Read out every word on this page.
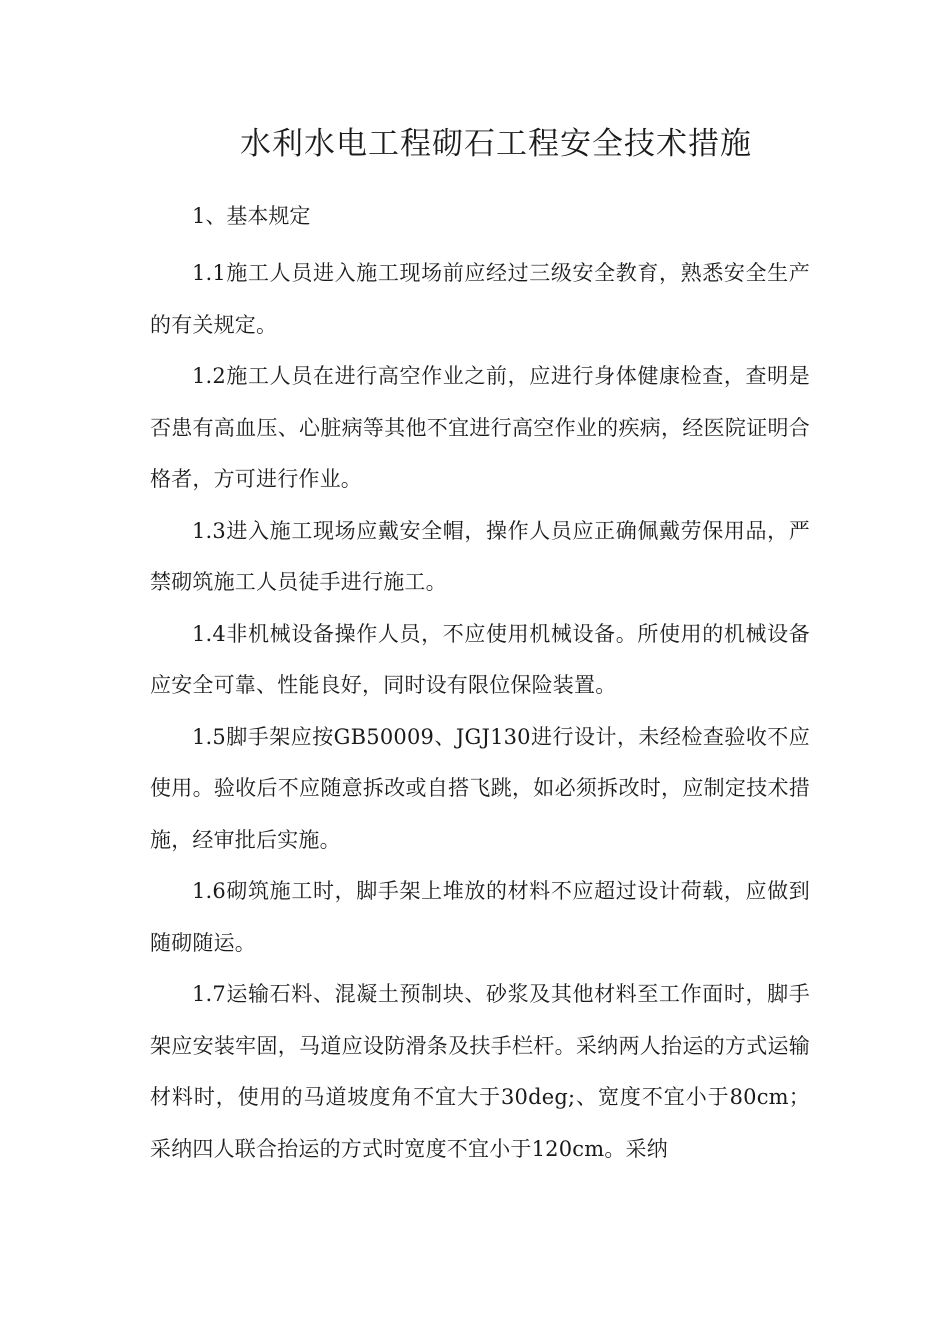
水利水电工程砌石工程安全技术措施

1、基本规定

1.1施工人员进入施工现场前应经过三级安全教育，熟悉安全生产的有关规定。

1.2施工人员在进行高空作业之前，应进行身体健康检查，查明是否患有高血压、心脏病等其他不宜进行高空作业的疾病，经医院证明合格者，方可进行作业。

1.3进入施工现场应戴安全帽，操作人员应正确佩戴劳保用品，严禁砌筑施工人员徒手进行施工。

1.4非机械设备操作人员，不应使用机械设备。所使用的机械设备应安全可靠、性能良好，同时设有限位保险装置。

1.5脚手架应按GB50009、JGJ130进行设计，未经检查验收不应使用。验收后不应随意拆改或自搭飞跳，如必须拆改时，应制定技术措施，经审批后实施。

1.6砌筑施工时，脚手架上堆放的材料不应超过设计荷载，应做到随砌随运。

1.7运输石料、混凝土预制块、砂浆及其他材料至工作面时，脚手架应安装牢固，马道应设防滑条及扶手栏杆。采纳两人抬运的方式运输材料时，使用的马道坡度角不宜大于30deg;、宽度不宜小于80cm；采纳四人联合抬运的方式时宽度不宜小于120cm。采纳
